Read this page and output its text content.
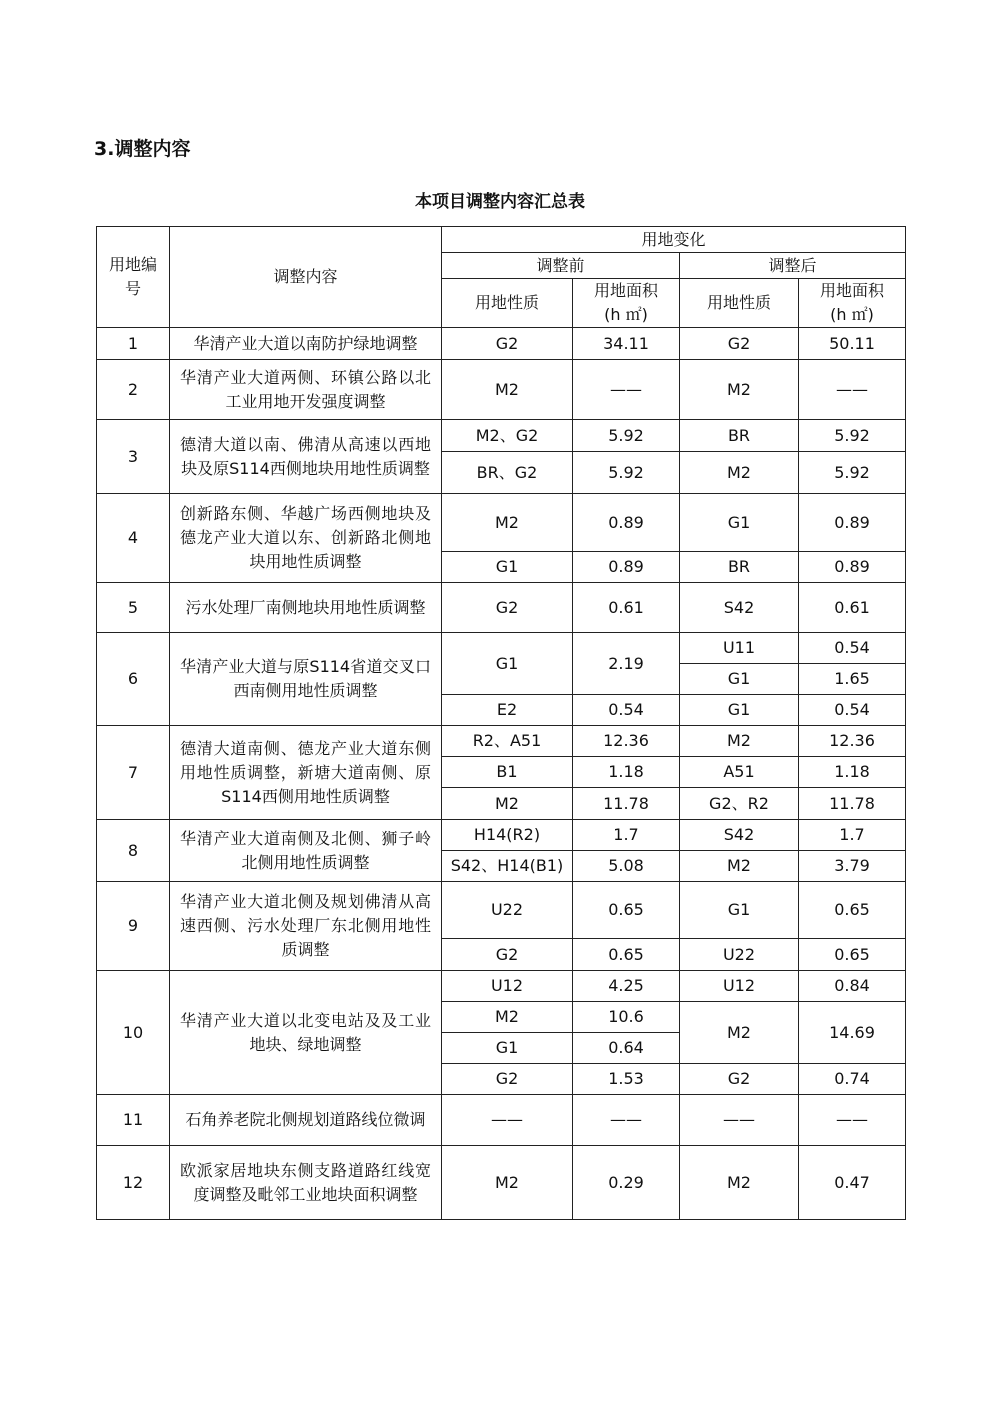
3.调整内容
本项目调整内容汇总表
用地编号	调整内容	用地变化			
		调整前		调整后	
		用地性质	用地面积(h ㎡)	用地性质	用地面积(h ㎡)
1	华清产业大道以南防护绿地调整	G2	34.11	G2	50.11
2	华清产业大道两侧、环镇公路以北工业用地开发强度调整	M2	——	M2	——
3	德清大道以南、佛清从高速以西地块及原S114西侧地块用地性质调整	M2、G2	5.92	BR	5.92
		BR、G2	5.92	M2	5.92
4	创新路东侧、华越广场西侧地块及德龙产业大道以东、创新路北侧地块用地性质调整	M2	0.89	G1	0.89
		G1	0.89	BR	0.89
5	污水处理厂南侧地块用地性质调整	G2	0.61	S42	0.61
6	华清产业大道与原S114省道交叉口西南侧用地性质调整	G1	2.19	U11	0.54
				G1	1.65
		E2	0.54	G1	0.54
7	德清大道南侧、德龙产业大道东侧用地性质调整，新塘大道南侧、原S114西侧用地性质调整	R2、A51	12.36	M2	12.36
		B1	1.18	A51	1.18
		M2	11.78	G2、R2	11.78
8	华清产业大道南侧及北侧、狮子岭北侧用地性质调整	H14(R2)	1.7	S42	1.7
		S42、H14(B1)	5.08	M2	3.79
9	华清产业大道北侧及规划佛清从高速西侧、污水处理厂东北侧用地性质调整	U22	0.65	G1	0.65
		G2	0.65	U22	0.65
10	华清产业大道以北变电站及及工业地块、绿地调整	U12	4.25	U12	0.84
		M2	10.6	M2	14.69
		G1	0.64		
		G2	1.53	G2	0.74
11	石角养老院北侧规划道路线位微调	——	——	——	——
12	欧派家居地块东侧支路道路红线宽度调整及毗邻工业地块面积调整	M2	0.29	M2	0.47
